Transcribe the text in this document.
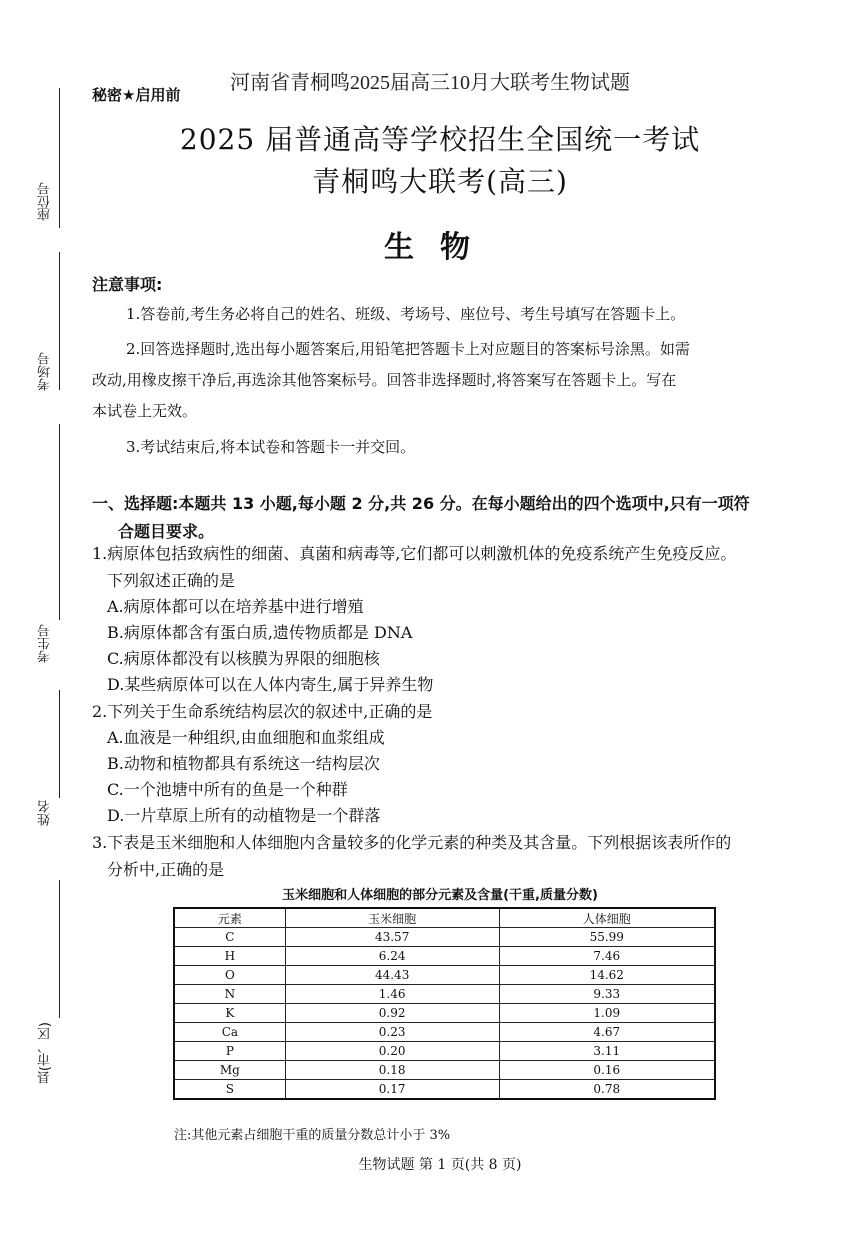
座位号
考场号
考生号
姓名
县(市、区)
河南省青桐鸣2025届高三10月大联考生物试题
秘密★启用前
2025 届普通高等学校招生全国统一考试
青桐鸣大联考(高三)
生物
注意事项:
1.答卷前,考生务必将自己的姓名、班级、考场号、座位号、考生号填写在答题卡上。
2.回答选择题时,选出每小题答案后,用铅笔把答题卡上对应题目的答案标号涂黑。如需
改动,用橡皮擦干净后,再选涂其他答案标号。回答非选择题时,将答案写在答题卡上。写在
本试卷上无效。
3.考试结束后,将本试卷和答题卡一并交回。
一、选择题:本题共 13 小题,每小题 2 分,共 26 分。在每小题给出的四个选项中,只有一项符
合题目要求。
1.病原体包括致病性的细菌、真菌和病毒等,它们都可以刺激机体的免疫系统产生免疫反应。
下列叙述正确的是
A.病原体都可以在培养基中进行增殖
B.病原体都含有蛋白质,遗传物质都是 DNA
C.病原体都没有以核膜为界限的细胞核
D.某些病原体可以在人体内寄生,属于异养生物
2.下列关于生命系统结构层次的叙述中,正确的是
A.血液是一种组织,由血细胞和血浆组成
B.动物和植物都具有系统这一结构层次
C.一个池塘中所有的鱼是一个种群
D.一片草原上所有的动植物是一个群落
3.下表是玉米细胞和人体细胞内含量较多的化学元素的种类及其含量。下列根据该表所作的
分析中,正确的是
玉米细胞和人体细胞的部分元素及含量(干重,质量分数)
元素	玉米细胞	人体细胞
C	43.57	55.99
H	6.24	7.46
O	44.43	14.62
N	1.46	9.33
K	0.92	1.09
Ca	0.23	4.67
P	0.20	3.11
Mg	0.18	0.16
S	0.17	0.78
注:其他元素占细胞干重的质量分数总计小于 3%
生物试题 第 1 页(共 8 页)
